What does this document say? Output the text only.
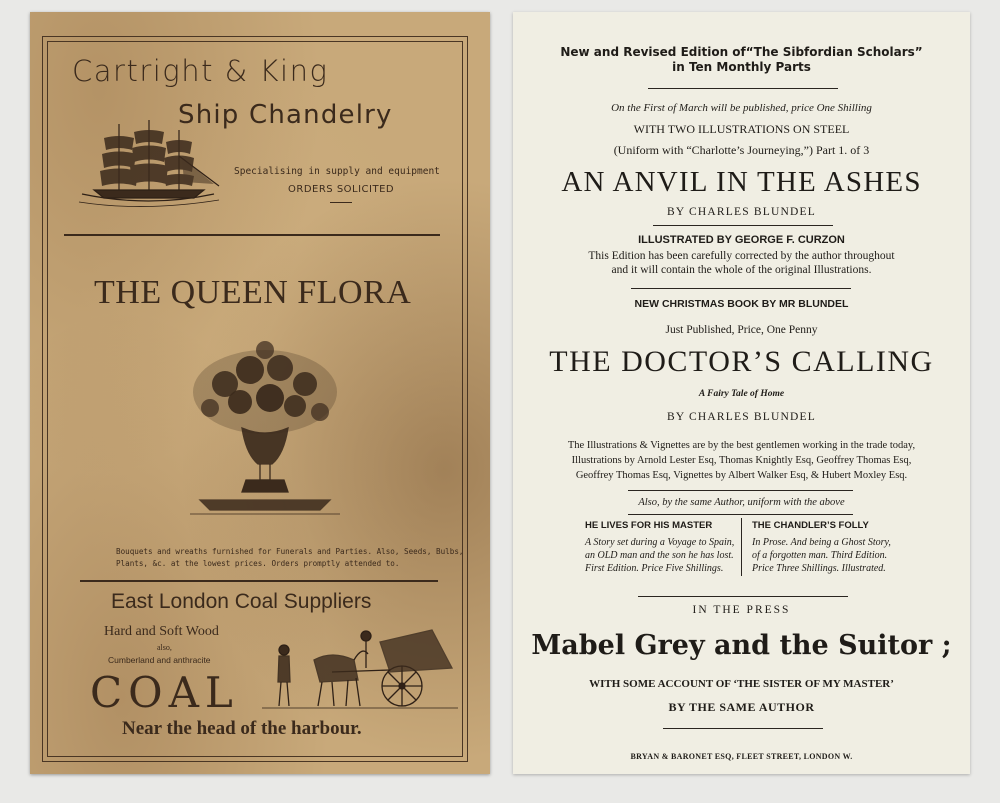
Cartright & King
Ship Chandelry
Specialising in supply and equipment
ORDERS SOLICITED
THE QUEEN FLORA
Bouquets and wreaths furnished for Funerals and Parties. Also, Seeds, Bulbs,
Plants, &c. at the lowest prices. Orders promptly attended to.
East London Coal Suppliers
Hard and Soft Wood
also,
Cumberland and anthracite
COAL
Near the head of the harbour.
New and Revised Edition of“The Sibfordian Scholars”
in Ten Monthly Parts
On the First of March will be published, price One Shilling
WITH TWO ILLUSTRATIONS ON STEEL
(Uniform with “Charlotte’s Journeying,”) Part 1. of 3
AN ANVIL IN THE ASHES
BY CHARLES BLUNDEL
ILLUSTRATED BY GEORGE F. CURZON
This Edition has been carefully corrected by the author throughout
and it will contain the whole of the original Illustrations.
NEW CHRISTMAS BOOK BY MR BLUNDEL
Just Published, Price, One Penny
THE DOCTOR’S CALLING
A Fairy Tale of Home
BY CHARLES BLUNDEL
The Illustrations & Vignettes are by the best gentlemen working in the trade today,
Illustrations by Arnold Lester Esq, Thomas Knightly Esq, Geoffrey Thomas Esq,
Geoffrey Thomas Esq, Vignettes by Albert Walker Esq, & Hubert Moxley Esq.
Also, by the same Author, uniform with the above
HE LIVES FOR HIS MASTER
A Story set during a Voyage to Spain,
an OLD man and the son he has lost.
First Edition. Price Five Shillings.
THE CHANDLER’S FOLLY
In Prose. And being a Ghost Story,
of a forgotten man. Third Edition.
Price Three Shillings. Illustrated.
IN THE PRESS
Mabel Grey and the Suitor ;
WITH SOME ACCOUNT OF ‘THE SISTER OF MY MASTER’
BY THE SAME AUTHOR
BRYAN & BARONET ESQ, FLEET STREET, LONDON W.
